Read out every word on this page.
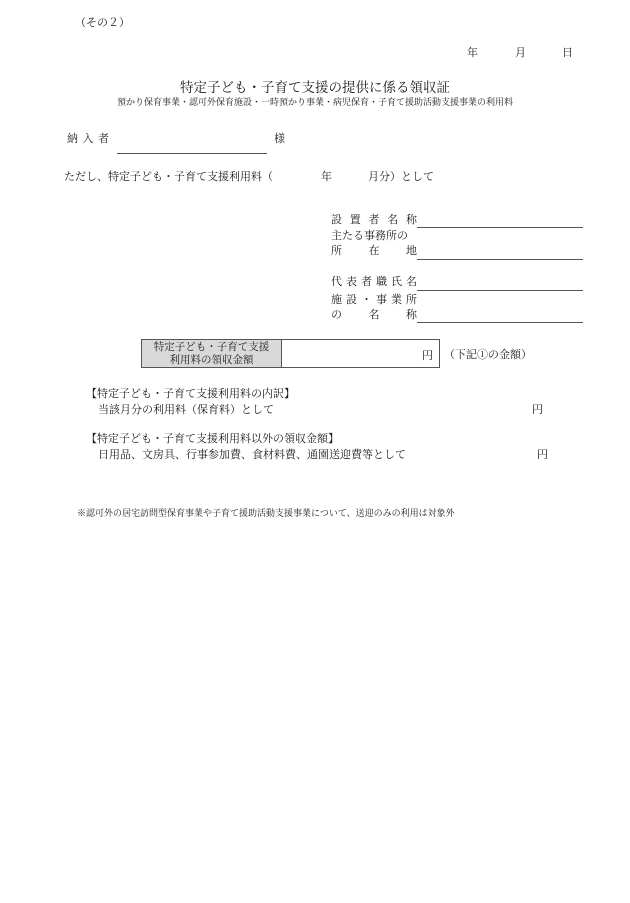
（その２）
年	月	日
特定子ども・子育て支援の提供に係る領収証
預かり保育事業・認可外保育施設・一時預かり事業・病児保育・子育て援助活動支援事業の利用料
納 入 者	様
ただし、特定子ども・子育て支援利用料（	年	月分）として
設 置 者 名 称
主たる事務所の
所 在 地
代 表 者 職 氏 名
施 設 ・ 事 業 所
の 名 称
特定子ども・子育て支援
利用料の領収金額	円 （下記①の金額）
【特定子ども・子育て支援利用料の内訳】
当該月分の利用料（保育料）として	円
【特定子ども・子育て支援利用料以外の領収金額】
日用品、文房具、行事参加費、食材料費、通園送迎費等として	円
※認可外の居宅訪問型保育事業や子育て援助活動支援事業について、送迎のみの利用は対象外
